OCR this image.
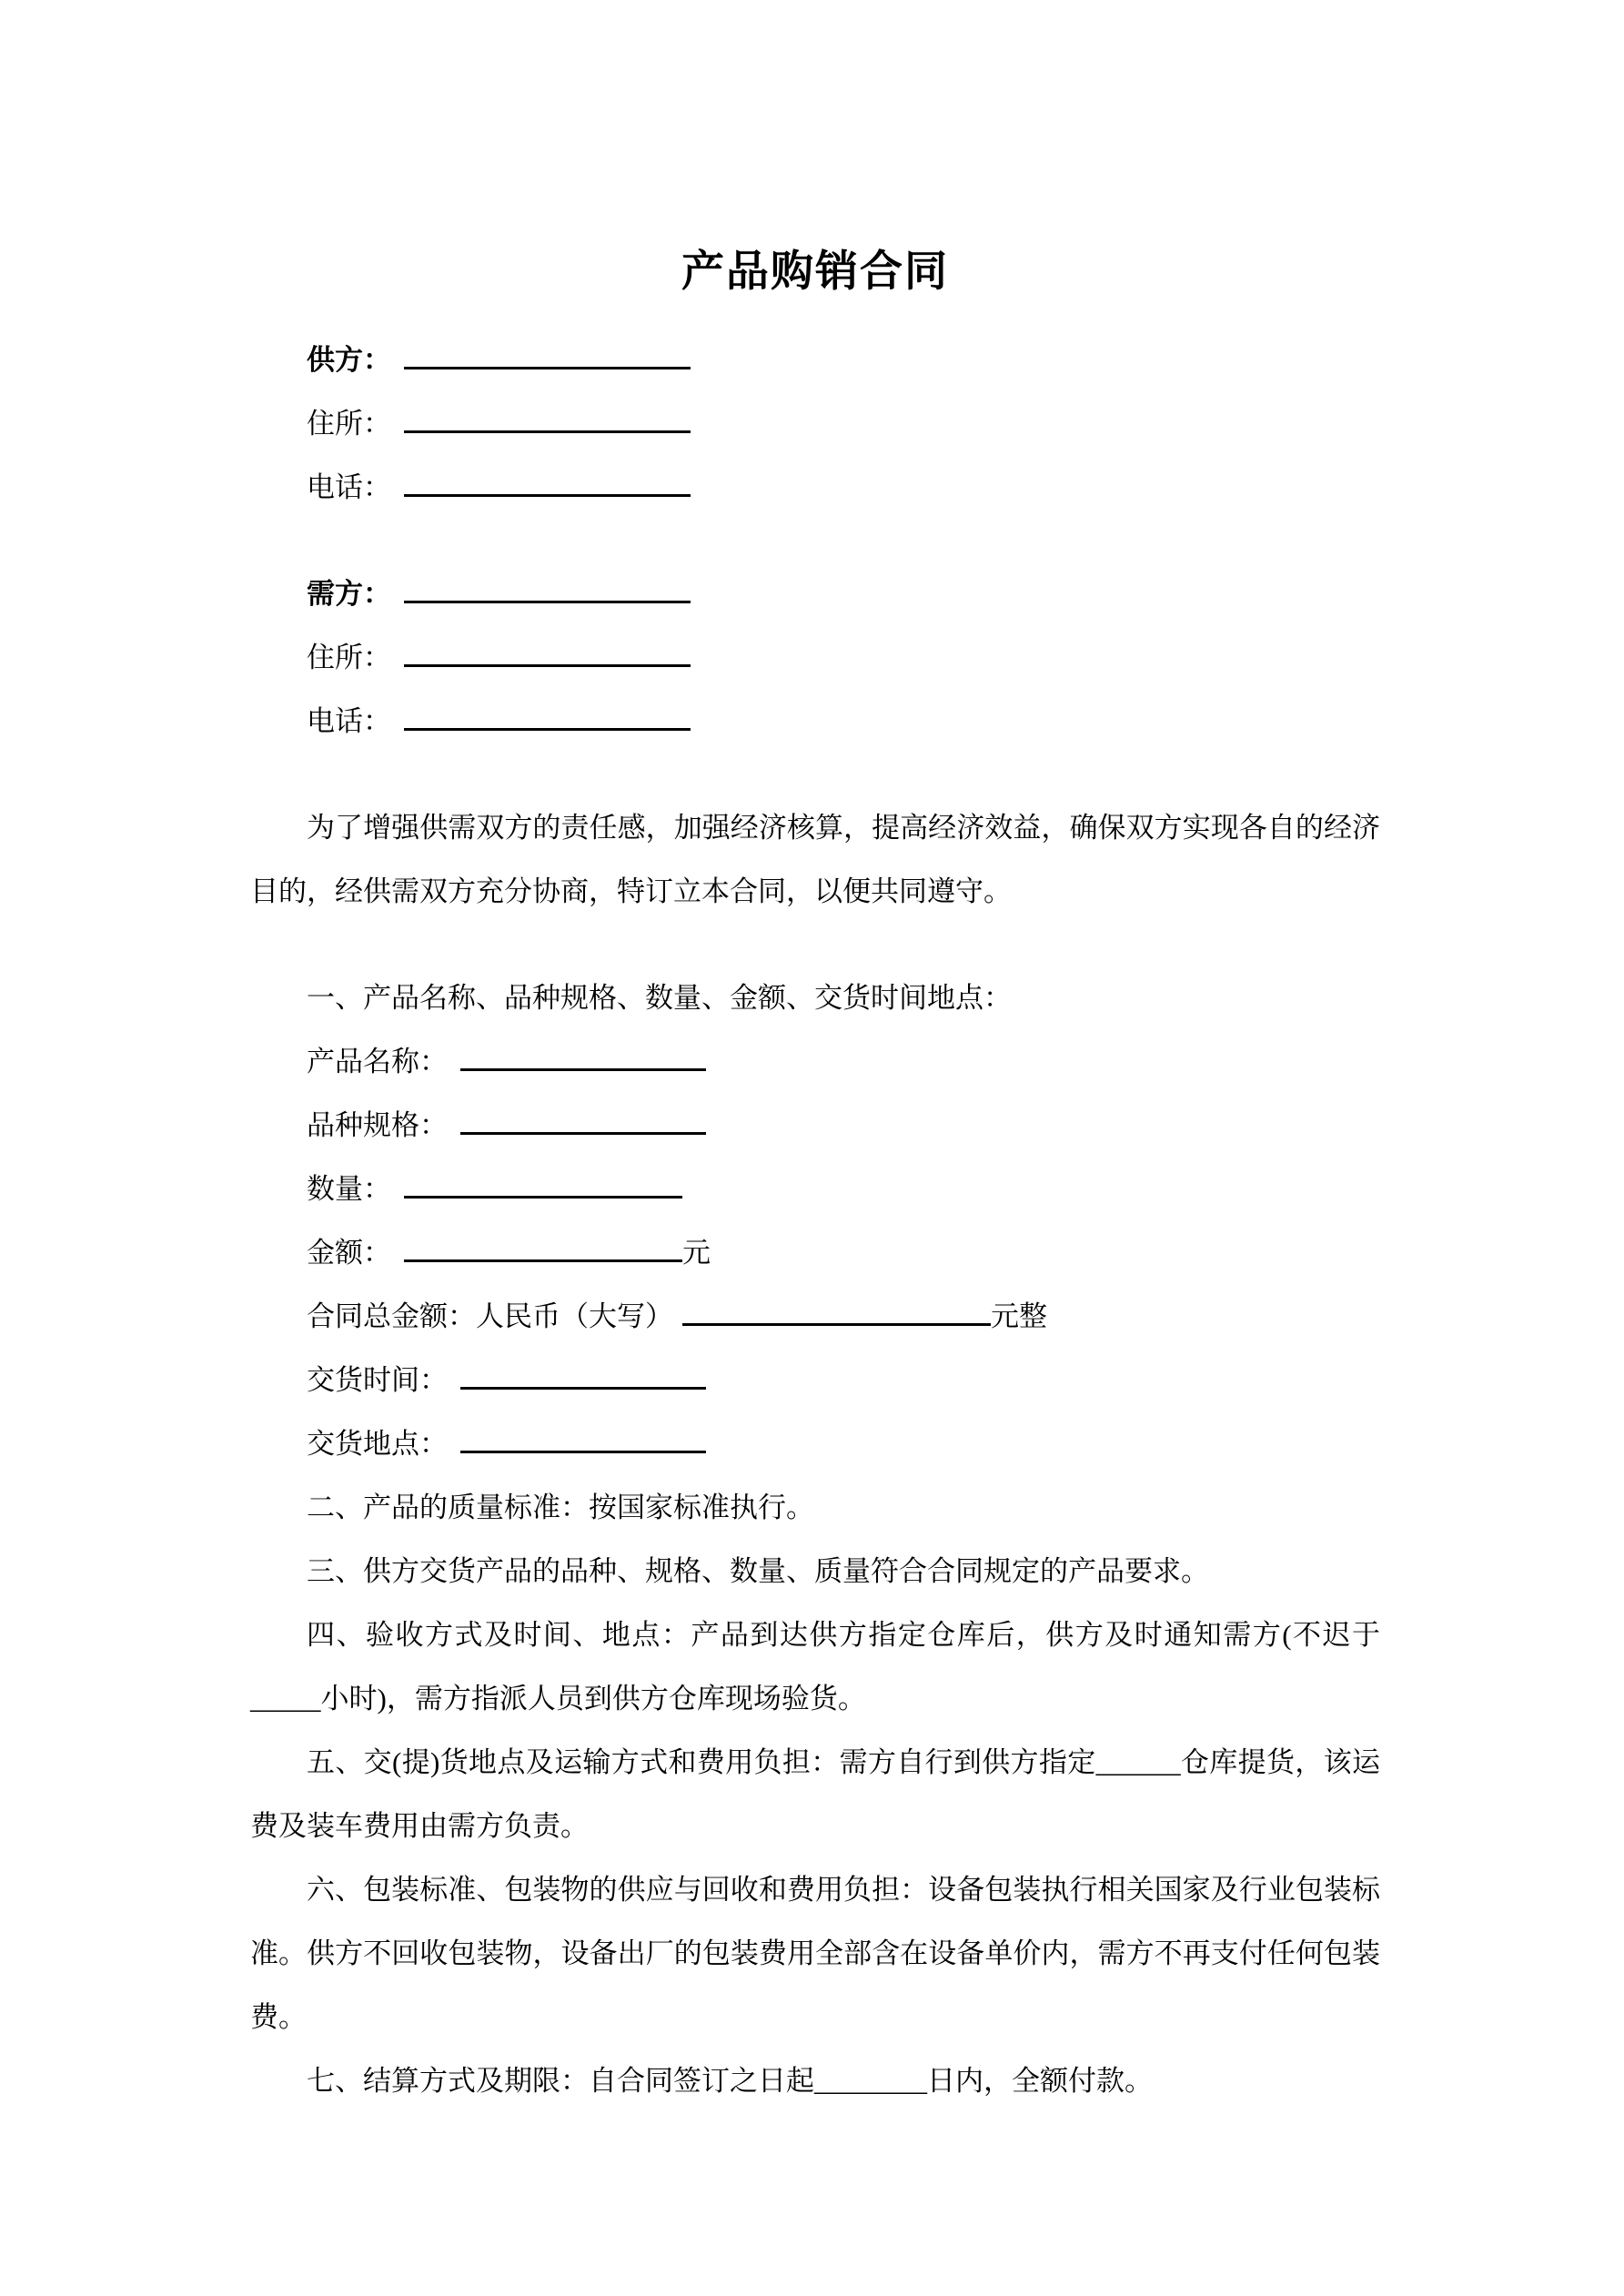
产品购销合同

供方：

住所：

电话：

需方：

住所：

电话：

为了增强供需双方的责任感，加强经济核算，提高经济效益，确保双方实现各自的经济目的，经供需双方充分协商，特订立本合同，以便共同遵守。

一、产品名称、品种规格、数量、金额、交货时间地点：

产品名称：

品种规格：

数量：

金额：	元

合同总金额：人民币（大写）	元整

交货时间：

交货地点：

二、产品的质量标准：按国家标准执行。

三、供方交货产品的品种、规格、数量、质量符合合同规定的产品要求。

四、验收方式及时间、地点：产品到达供方指定仓库后，供方及时通知需方(不迟于_____小时)，需方指派人员到供方仓库现场验货。

五、交(提)货地点及运输方式和费用负担：需方自行到供方指定______仓库提货，该运费及装车费用由需方负责。

六、包装标准、包装物的供应与回收和费用负担：设备包装执行相关国家及行业包装标准。供方不回收包装物，设备出厂的包装费用全部含在设备单价内，需方不再支付任何包装费。

七、结算方式及期限：自合同签订之日起________日内，全额付款。
